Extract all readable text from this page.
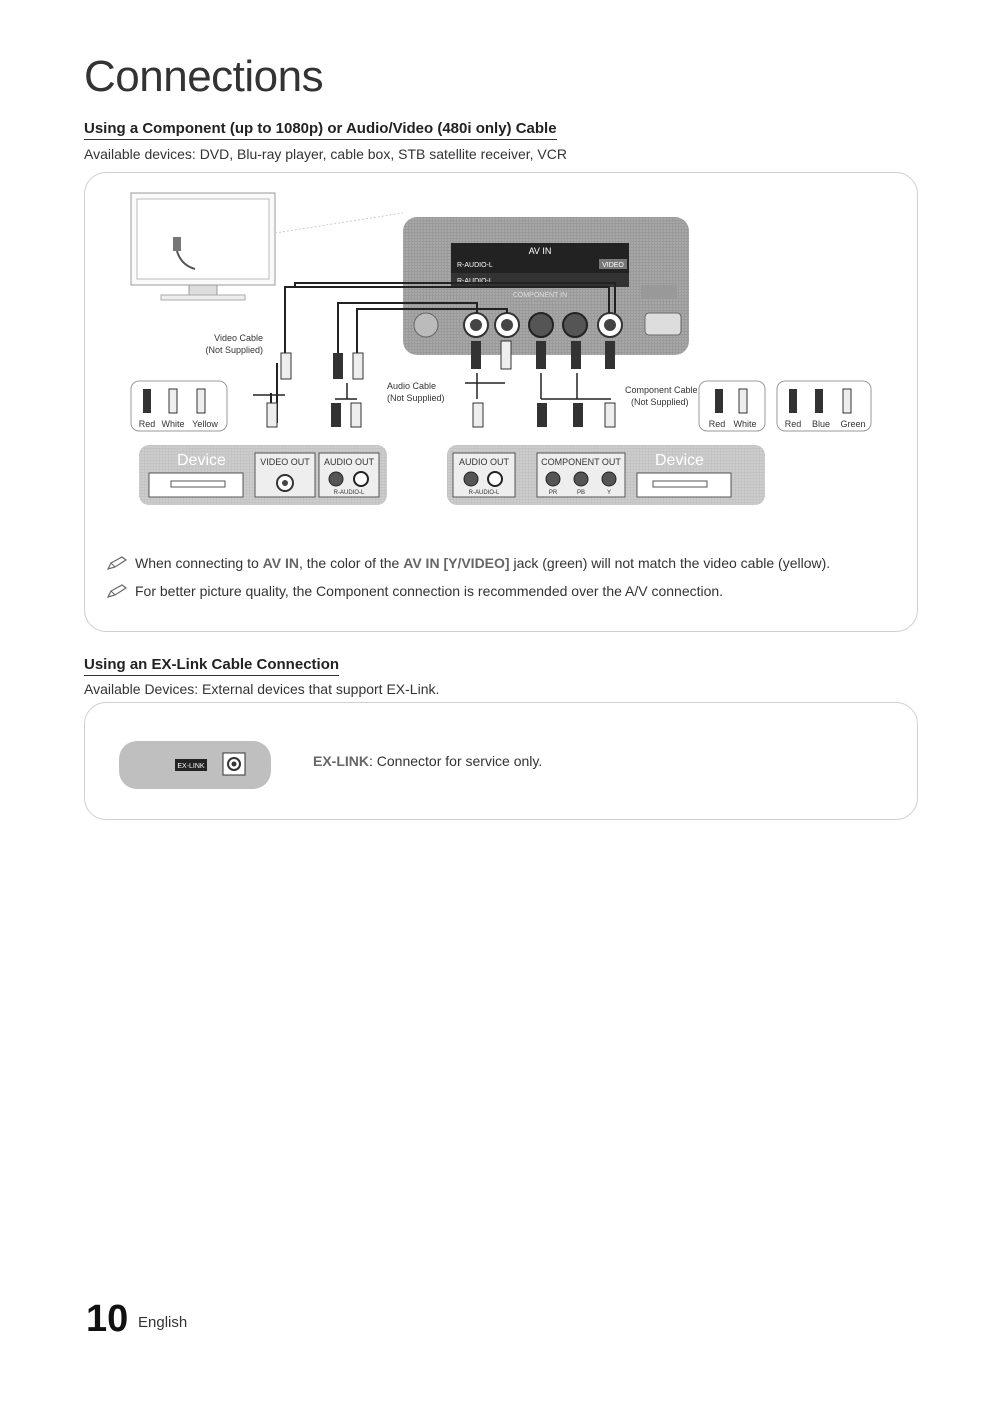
Connections
Using a Component (up to 1080p) or Audio/Video (480i only) Cable
Available devices: DVD, Blu-ray player, cable box, STB satellite receiver, VCR
AV IN
R-AUDIO-L	VIDEO
R-AUDIO-L
COMPONENT IN
Video Cable
(Not Supplied)
Audio Cable
(Not Supplied)
Component Cable
(Not Supplied)
Red White Yellow	Red White	Red Blue Green
Device	VIDEO OUT AUDIO OUT
R-AUDIO-L
AUDIO OUT
R-AUDIO-L
COMPONENT OUT
PR	PB	Y
Device
When connecting to AV IN, the color of the AV IN [Y/VIDEO] jack (green) will not match the video cable (yellow).
For better picture quality, the Component connection is recommended over the A/V connection.
Using an EX-Link Cable Connection
Available Devices: External devices that support EX-Link.
EX-LINK	EX-LINK: Connector for service only.
10 English
